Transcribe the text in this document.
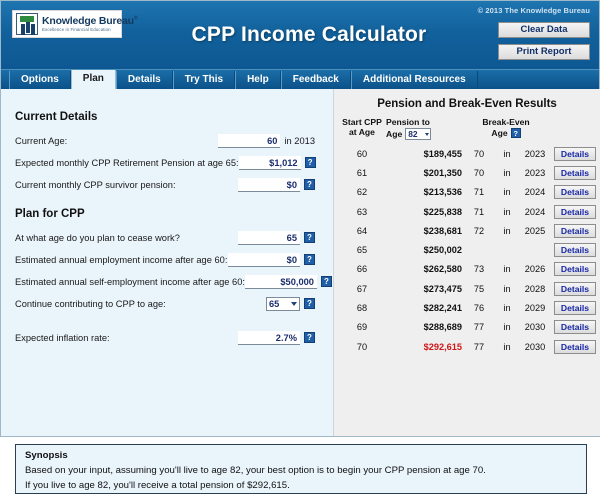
Knowledge Bureau®
Excellence in Financial Education	CPP Income Calculator
© 2013 The Knowledge Bureau
Clear Data
Print Report
Options	Plan	Details	Try This	Help	Feedback	Additional Resources
Current Details
Current Age:	60 in 2013
Expected monthly CPP Retirement Pension at age 65:	$1,012	?
Current monthly CPP survivor pension:	$0	?
Plan for CPP
At what age do you plan to cease work?	65	?
Estimated annual employment income after age 60:	$0	?
Estimated annual self-employment income after age 60:	$50,000	?
Continue contributing to CPP to age:	65	?
Expected inflation rate:	2.7%	?
Pension and Break-Even Results
Start CPP
at Age
Pension to
Age 82
Break-Even
Age ?
60	$189,455	70	in	2023	Details
61	$201,350	70	in	2023	Details
62	$213,536	71	in	2024	Details
63	$225,838	71	in	2024	Details
64	$238,681	72	in	2025	Details
65	$250,002	Details
66	$262,580	73	in	2026	Details
67	$273,475	75	in	2028	Details
68	$282,241	76	in	2029	Details
69	$288,689	77	in	2030	Details
70	$292,615	77	in	2030	Details
Synopsis
Based on your input, assuming you'll live to age 82, your best option is to begin your CPP pension at age 70.
If you live to age 82, you'll receive a total pension of $292,615.
